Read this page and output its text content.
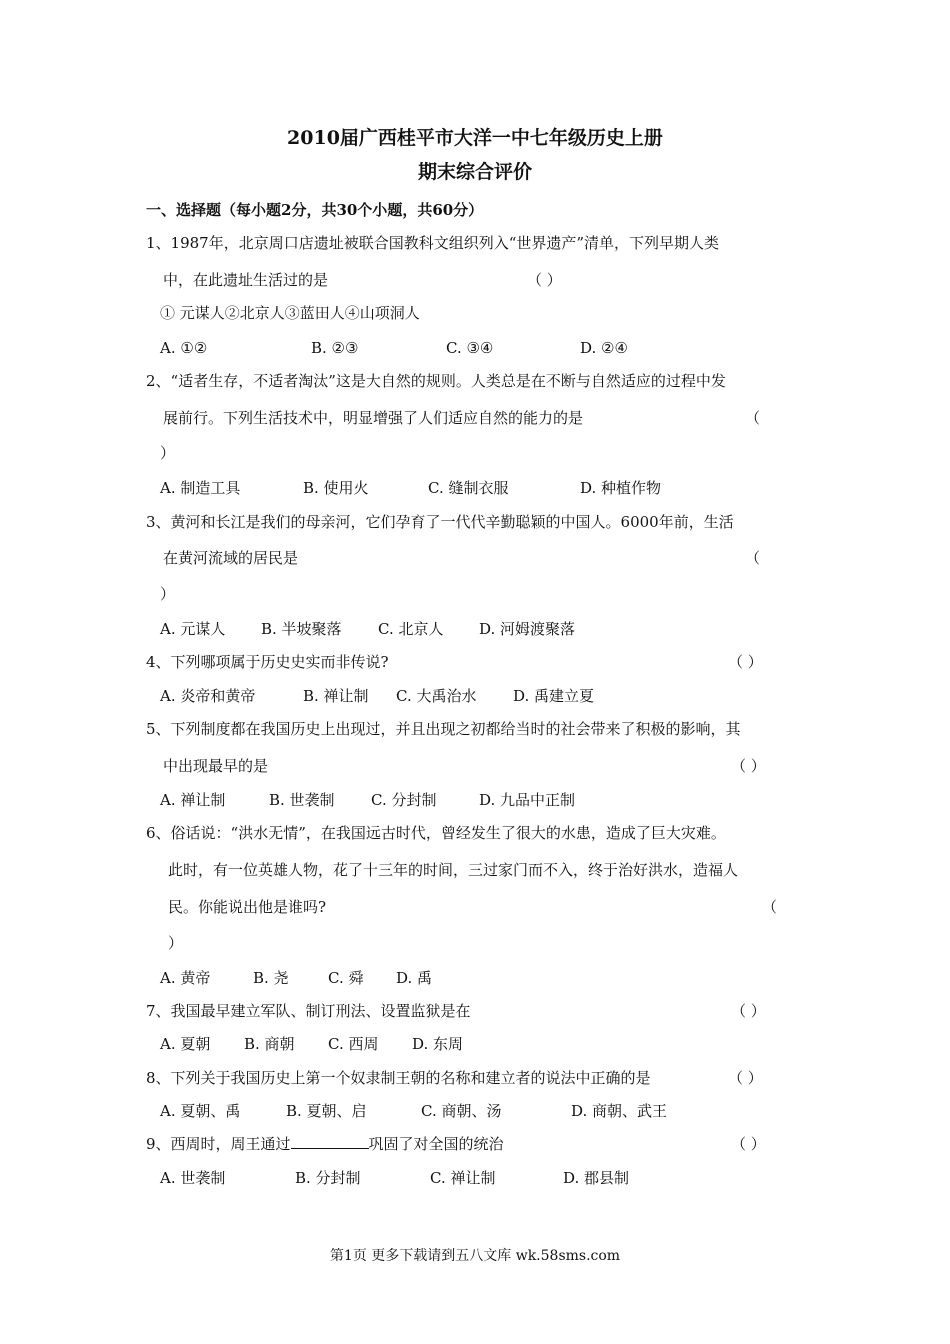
2010届广西桂平市大洋一中七年级历史上册
期末综合评价
一、选择题（每小题2分，共30个小题，共60分）
1、1987年，北京周口店遗址被联合国教科文组织列入“世界遗产”清单，下列早期人类
中，在此遗址生活过的是	（ ）
① 元谋人②北京人③蓝田人④山项洞人
A. ①②	B. ②③	C. ③④	D. ②④
2、“适者生存，不适者淘汰”这是大自然的规则。人类总是在不断与自然适应的过程中发
展前行。下列生活技术中，明显增强了人们适应自然的能力的是	（
）
A. 制造工具	B. 使用火	C. 缝制衣服	D. 种植作物
3、黄河和长江是我们的母亲河，它们孕育了一代代辛勤聪颖的中国人。6000年前，生活
在黄河流域的居民是	（
）
A. 元谋人 B. 半坡聚落 C. 北京人 D. 河姆渡聚落
4、下列哪项属于历史史实而非传说?	（ ）
A. 炎帝和黄帝	B. 禅让制 C. 大禹治水 D. 禹建立夏
5、下列制度都在我国历史上出现过，并且出现之初都给当时的社会带来了积极的影响，其
中出现最早的是	（ ）
A. 禅让制	B. 世袭制 C. 分封制	D. 九品中正制
6、俗话说：“洪水无情”，在我国远古时代，曾经发生了很大的水患，造成了巨大灾难。
此时，有一位英雄人物，花了十三年的时间，三过家门而不入，终于治好洪水，造福人
民。你能说出他是谁吗?	（
）
A. 黄帝	B. 尧	C. 舜 D. 禹
7、我国最早建立军队、制订刑法、设置监狱是在	（ ）
A. 夏朝 B. 商朝 C. 西周 D. 东周
8、下列关于我国历史上第一个奴隶制王朝的名称和建立者的说法中正确的是	（ ）
A. 夏朝、禹	B. 夏朝、启	C. 商朝、汤	D. 商朝、武王
9、西周时，周王通过	巩固了对全国的统治	（ ）
A. 世袭制	B. 分封制	C. 禅让制	D. 郡县制
第1页 更多下载请到五八文库 wk.58sms.com
